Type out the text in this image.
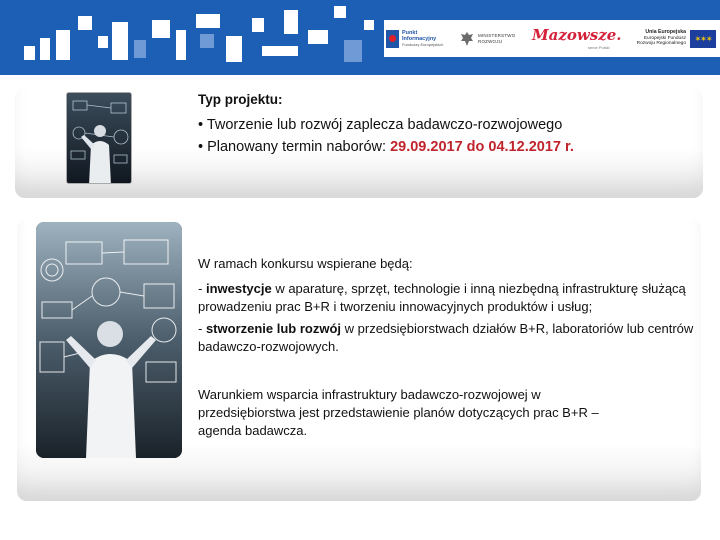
Punkt
Informacyjny
Funduszy Europejskich
MINISTERSTWO
ROZWOJU	Mazowsze.
serce Polski
Unia Europejska
Europejski Fundusz
Rozwoju Regionalnego
✶✶✶
Typ projektu:
• Tworzenie lub rozwój zaplecza badawczo-rozwojowego
• Planowany termin naborów: 29.09.2017 do 04.12.2017 r.
W ramach konkursu wspierane będą:
- inwestycje w aparaturę, sprzęt, technologie i inną niezbędną infrastrukturę służącą prowadzeniu prac B+R i tworzeniu innowacyjnych produktów i usług;
- stworzenie lub rozwój w przedsiębiorstwach działów B+R, laboratoriów lub centrów badawczo-rozwojowych.
Warunkiem wsparcia infrastruktury badawczo-rozwojowej w przedsiębiorstwa jest przedstawienie planów dotyczących prac B+R – agenda badawcza.
